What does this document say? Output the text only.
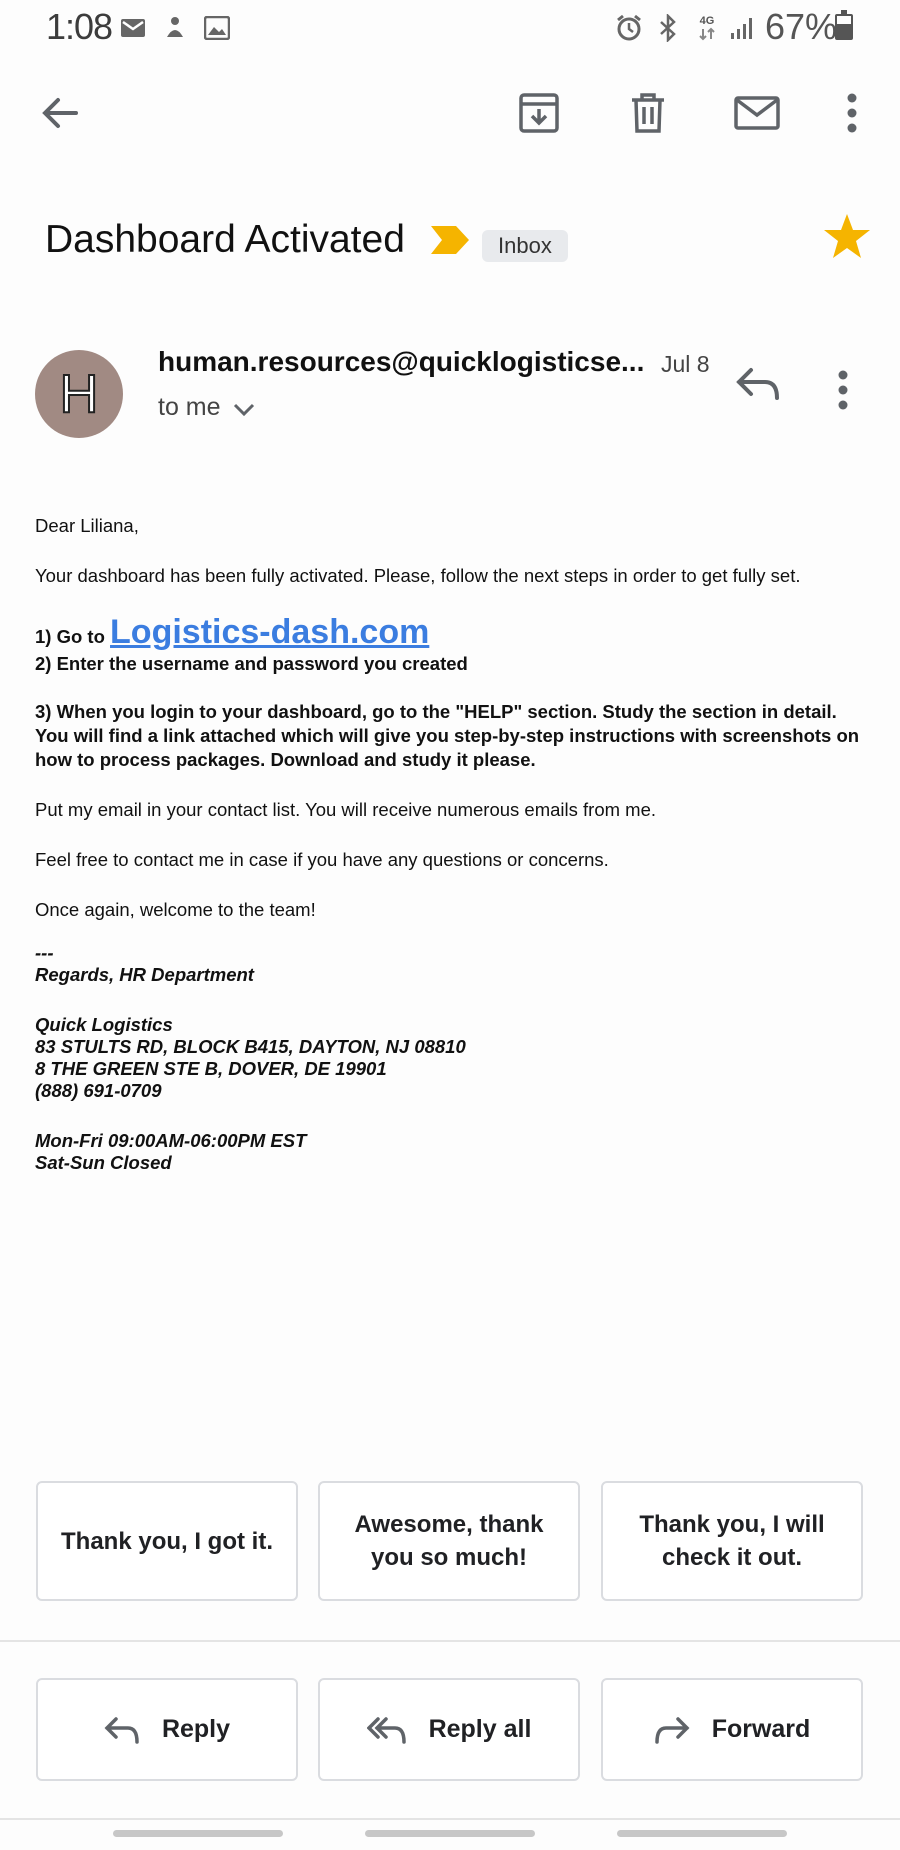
1:08	4G 67%
Dashboard Activated	Inbox
H
human.resources@quicklogisticse... Jul 8
to me

Dear Liliana,

Your dashboard has been fully activated. Please, follow the next steps in order to get fully set.

1) Go to Logistics-dash.com

2) Enter the username and password you created

3) When you login to your dashboard, go to the "HELP" section. Study the section in detail. You will find a link attached which will give you step-by-step instructions with screenshots on how to process packages. Download and study it please.

Put my email in your contact list. You will receive numerous emails from me.

Feel free to contact me in case if you have any questions or concerns.

Once again, welcome to the team!

---
Regards, HR Department
Quick Logistics
83 STULTS RD, BLOCK B415, DAYTON, NJ 08810
8 THE GREEN STE B, DOVER, DE 19901
(888) 691-0709
Mon-Fri 09:00AM-06:00PM EST
Sat-Sun Closed
Thank you, I got it.
Awesome, thank you so much!
Thank you, I will check it out.
Reply	Reply all	Forward
